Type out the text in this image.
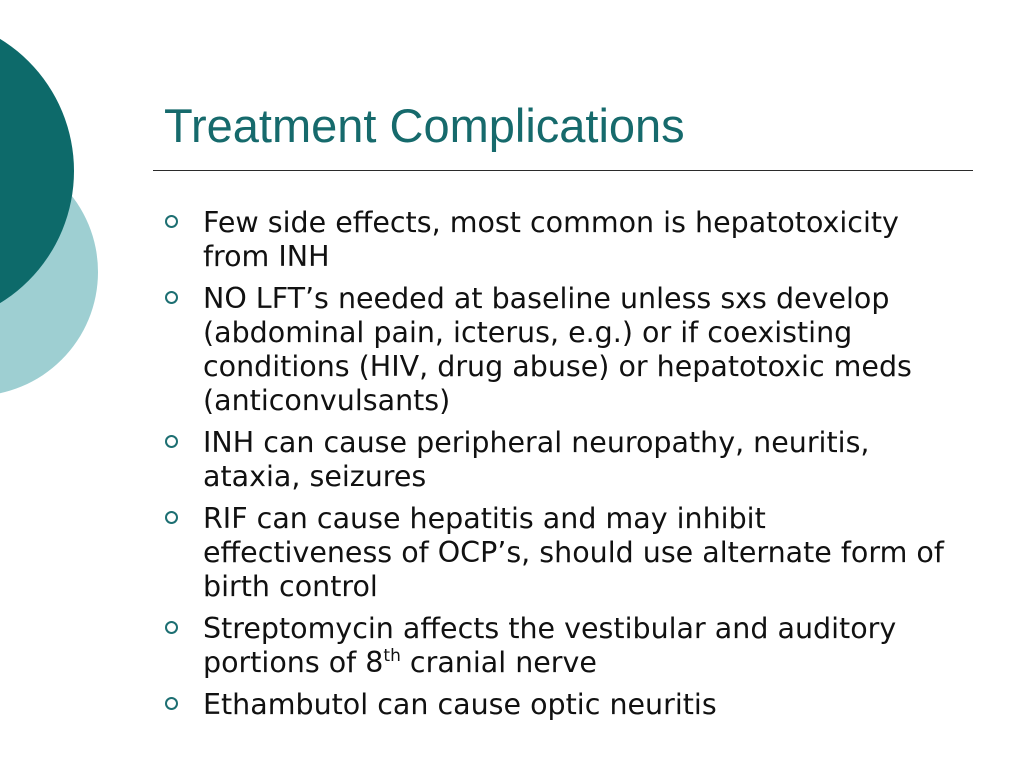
Treatment Complications
Few side effects, most common is hepatotoxicity from INH
NO LFT’s needed at baseline unless sxs develop (abdominal pain, icterus, e.g.) or if coexisting conditions (HIV, drug abuse) or hepatotoxic meds (anticonvulsants)
INH can cause peripheral neuropathy, neuritis, ataxia, seizures
RIF can cause hepatitis and may inhibit effectiveness of OCP’s, should use alternate form of birth control
Streptomycin affects the vestibular and auditory portions of 8th cranial nerve
Ethambutol can cause optic neuritis
